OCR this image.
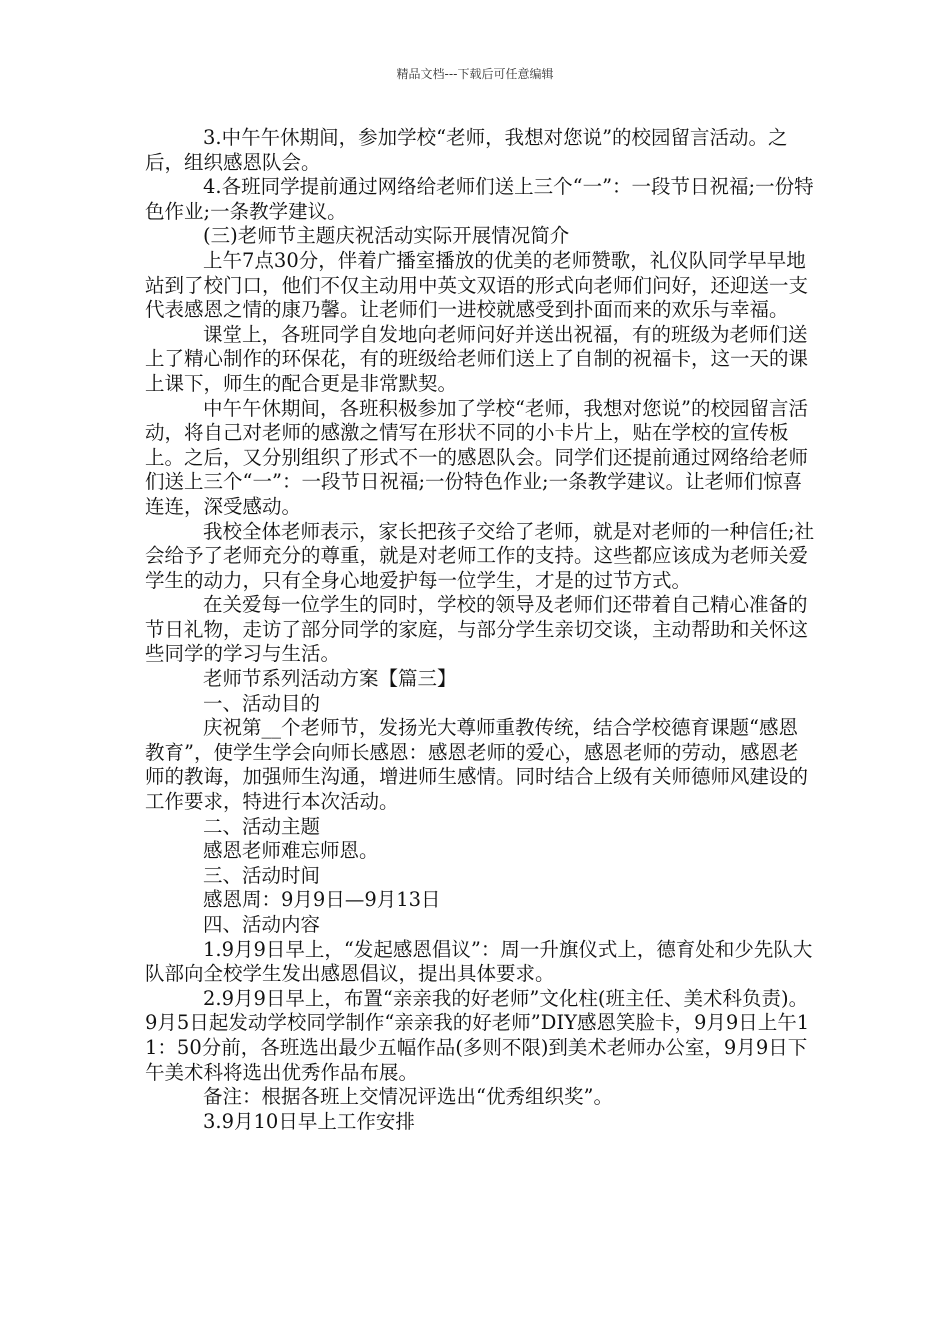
精品文档---下载后可任意编辑

3.中午午休期间，参加学校“老师，我想对您说”的校园留言活动。之后，组织感恩队会。

4.各班同学提前通过网络给老师们送上三个“一”：一段节日祝福;一份特色作业;一条教学建议。

(三)老师节主题庆祝活动实际开展情况简介

上午7点30分，伴着广播室播放的优美的老师赞歌，礼仪队同学早早地站到了校门口，他们不仅主动用中英文双语的形式向老师们问好，还迎送一支代表感恩之情的康乃馨。让老师们一进校就感受到扑面而来的欢乐与幸福。

课堂上，各班同学自发地向老师问好并送出祝福，有的班级为老师们送上了精心制作的环保花，有的班级给老师们送上了自制的祝福卡，这一天的课上课下，师生的配合更是非常默契。

中午午休期间，各班积极参加了学校“老师，我想对您说”的校园留言活动，将自己对老师的感激之情写在形状不同的小卡片上，贴在学校的宣传板上。之后，又分别组织了形式不一的感恩队会。同学们还提前通过网络给老师们送上三个“一”：一段节日祝福;一份特色作业;一条教学建议。让老师们惊喜连连，深受感动。

我校全体老师表示，家长把孩子交给了老师，就是对老师的一种信任;社会给予了老师充分的尊重，就是对老师工作的支持。这些都应该成为老师关爱学生的动力，只有全身心地爱护每一位学生，才是的过节方式。

在关爱每一位学生的同时，学校的领导及老师们还带着自己精心准备的节日礼物，走访了部分同学的家庭，与部分学生亲切交谈，主动帮助和关怀这些同学的学习与生活。

老师节系列活动方案【篇三】

一、活动目的

庆祝第__个老师节，发扬光大尊师重教传统，结合学校德育课题“感恩教育”，使学生学会向师长感恩：感恩老师的爱心，感恩老师的劳动，感恩老师的教诲，加强师生沟通，增进师生感情。同时结合上级有关师德师风建设的工作要求，特进行本次活动。

二、活动主题

感恩老师难忘师恩。

三、活动时间

感恩周：9月9日—9月13日

四、活动内容

1.9月9日早上，“发起感恩倡议”：周一升旗仪式上，德育处和少先队大队部向全校学生发出感恩倡议，提出具体要求。

2.9月9日早上，布置“亲亲我的好老师”文化柱(班主任、美术科负责)。9月5日起发动学校同学制作“亲亲我的好老师”DIY感恩笑脸卡，9月9日上午11：50分前，各班选出最少五幅作品(多则不限)到美术老师办公室，9月9日下午美术科将选出优秀作品布展。

备注：根据各班上交情况评选出“优秀组织奖”。

3.9月10日早上工作安排
